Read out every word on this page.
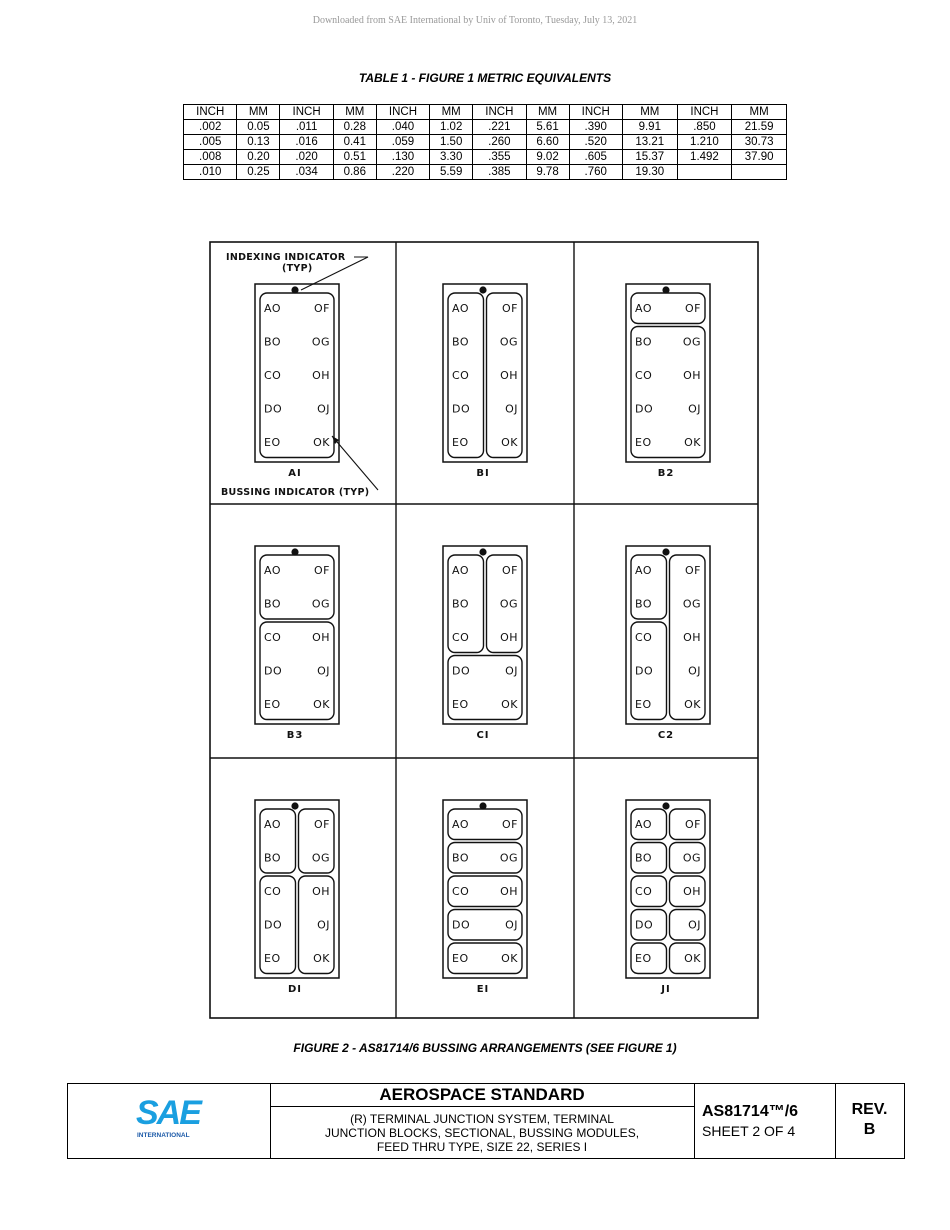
Downloaded from SAE International by Univ of Toronto, Tuesday, July 13, 2021
TABLE 1 - FIGURE 1 METRIC EQUIVALENTS
INCH	MM	INCH	MM	INCH	MM	INCH	MM	INCH	MM	INCH	MM
.002	0.05	.011	0.28	.040	1.02	.221	5.61	.390	9.91	.850	21.59
.005	0.13	.016	0.41	.059	1.50	.260	6.60	.520	13.21	1.210	30.73
.008	0.20	.020	0.51	.130	3.30	.355	9.02	.605	15.37	1.492	37.90
.010	0.25	.034	0.86	.220	5.59	.385	9.78	.760	19.30		
AO	OF
BO	OG
CO	OH
DO	OJ
EO	OK
AI
AO	OF
BO	OG
CO	OH
DO	OJ
EO	OK
BI
AO	OF
BO	OG
CO	OH
DO	OJ
EO	OK
B2
AO	OF
BO	OG
CO	OH
DO	OJ
EO	OK
B3
AO	OF
BO	OG
CO	OH
DO	OJ
EO	OK
CI
AO	OF
BO	OG
CO	OH
DO	OJ
EO	OK
C2
AO	OF
BO	OG
CO	OH
DO	OJ
EO	OK
DI
AO	OF
BO	OG
CO	OH
DO	OJ
EO	OK
EI
AO	OF
BO	OG
CO	OH
DO	OJ
EO	OK
JI
INDEXING INDICATOR
(TYP)
BUSSING INDICATOR (TYP)
FIGURE 2 - AS81714/6 BUSSING ARRANGEMENTS (SEE FIGURE 1)
SAE
INTERNATIONAL
AEROSPACE STANDARD
(R) TERMINAL JUNCTION SYSTEM, TERMINAL
JUNCTION BLOCKS, SECTIONAL, BUSSING MODULES,
FEED THRU TYPE, SIZE 22, SERIES I
AS81714™/6
SHEET 2 OF 4
REV.
B
